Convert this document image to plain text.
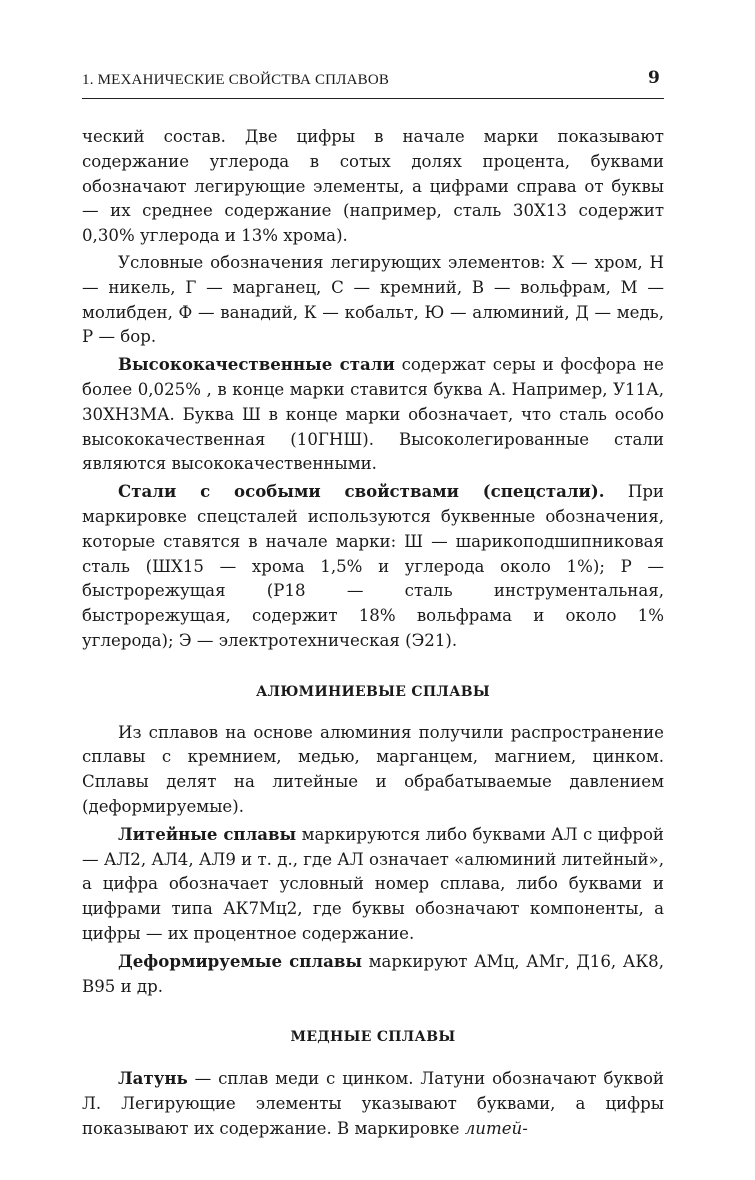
1. МЕХАНИЧЕСКИЕ СВОЙСТВА СПЛАВОВ	9

ческий состав. Две цифры в начале марки показывают содержание углерода в сотых долях процента, буквами обозначают легирующие элементы, а цифрами справа от буквы — их среднее содержание (например, сталь 30Х13 содержит 0,30% углерода и 13% хрома).

Условные обозначения легирующих элементов: Х — хром, Н — никель, Г — марганец, С — кремний, В — вольфрам, М — молибден, Ф — ванадий, К — кобальт, Ю — алюминий, Д — медь, Р — бор.

Высококачественные стали содержат серы и фосфора не более 0,025% , в конце марки ставится буква А. Например, У11А, 30ХН3МА. Буква Ш в конце марки обозначает, что сталь особо высококачественная (10ГНШ). Высоколегированные стали являются высококачественными.

Стали с особыми свойствами (спецстали). При маркировке спецсталей используются буквенные обозначения, которые ставятся в начале марки: Ш — шарикоподшипниковая сталь (ШХ15 — хрома 1,5% и углерода около 1%); Р — быстрорежущая (Р18 — сталь инструментальная, быстрорежущая, содержит 18% вольфрама и около 1% углерода); Э — электротехническая (Э21).

АЛЮМИНИЕВЫЕ СПЛАВЫ

Из сплавов на основе алюминия получили распространение сплавы с кремнием, медью, марганцем, магнием, цинком. Сплавы делят на литейные и обрабатываемые давлением (деформируемые).

Литейные сплавы маркируются либо буквами АЛ с цифрой — АЛ2, АЛ4, АЛ9 и т. д., где АЛ означает «алюминий литейный», а цифра обозначает условный номер сплава, либо буквами и цифрами типа АК7Мц2, где буквы обозначают компоненты, а цифры — их процентное содержание.

Деформируемые сплавы маркируют АМц, АМг, Д16, АК8, В95 и др.

МЕДНЫЕ СПЛАВЫ

Латунь — сплав меди с цинком. Латуни обозначают буквой Л. Легирующие элементы указывают буквами, а цифры показывают их содержание. В маркировке литей-
